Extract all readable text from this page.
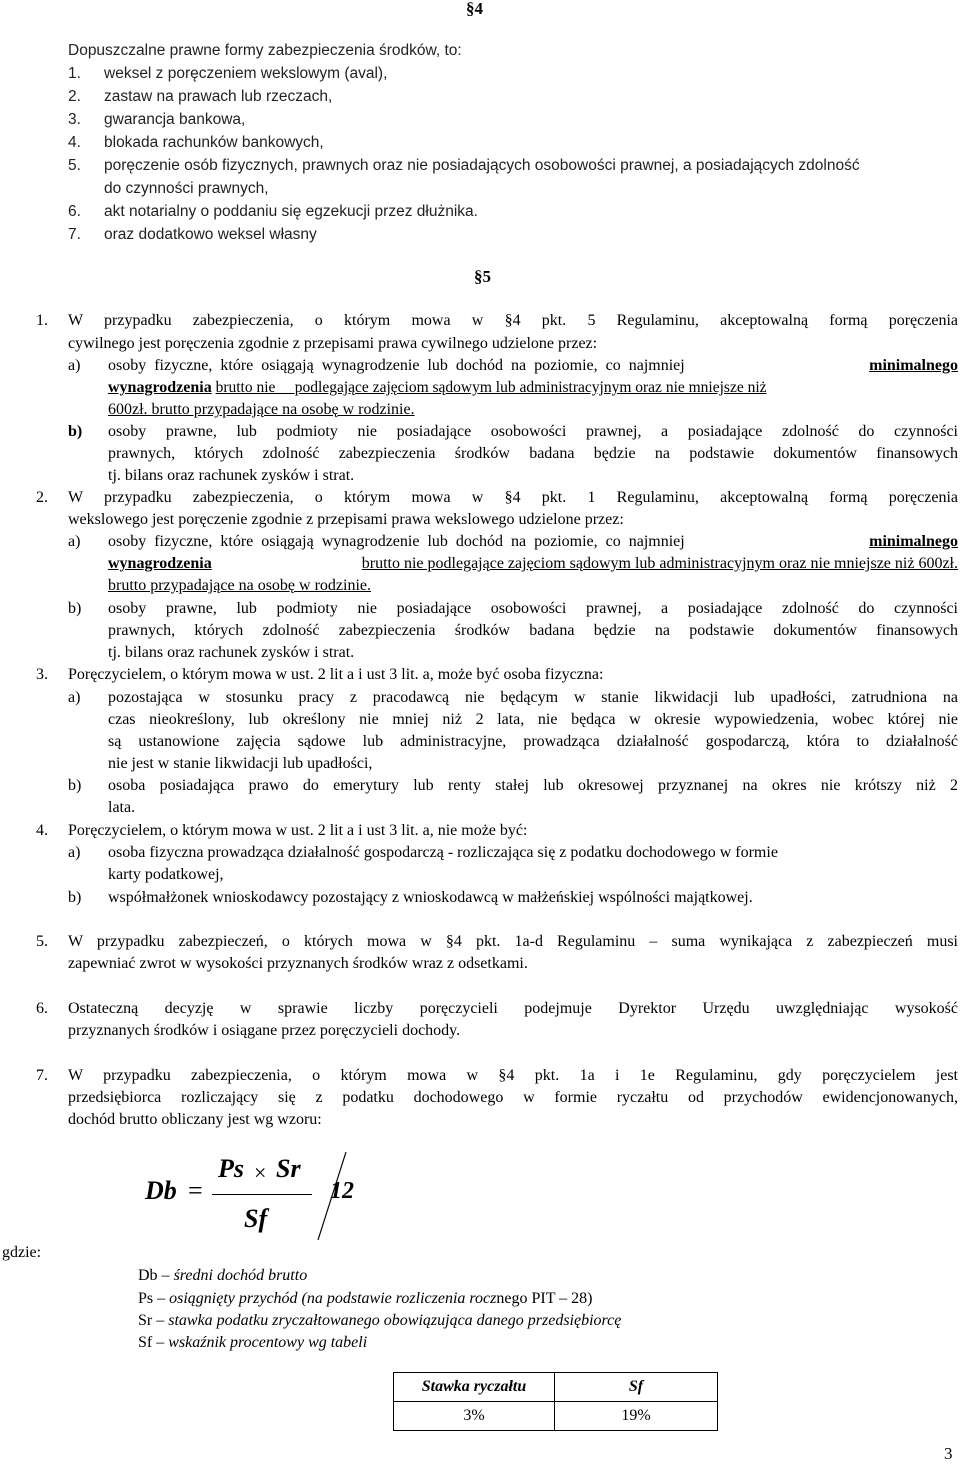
§4
Dopuszczalne prawne formy zabezpieczenia środków, to:
1. weksel z poręczeniem wekslowym (aval),
2. zastaw na prawach lub rzeczach,
3. gwarancja bankowa,
4. blokada rachunków bankowych,
5. poręczenie osób fizycznych, prawnych oraz nie posiadających osobowości prawnej, a posiadających zdolność
do czynności prawnych,
6. akt notarialny o poddaniu się egzekucji przez dłużnika.
7. oraz dodatkowo weksel własny
§5
1. W przypadku zabezpieczenia, o którym mowa w §4 pkt. 5 Regulaminu, akceptowalną formą poręczenia
cywilnego jest poręczenia zgodnie z przepisami prawa cywilnego udzielone przez:
a) osoby fizyczne, które osiągają wynagrodzenie lub dochód na poziomie, co najmniej	minimalnego
wynagrodzenia brutto nie     podlegające zajęciom sądowym lub administracyjnym oraz nie mniejsze niż
600zł. brutto przypadające na osobę w rodzinie.
b) osoby prawne, lub podmioty nie posiadające osobowości prawnej, a posiadające zdolność do czynności
prawnych, których zdolność zabezpieczenia środków badana będzie na podstawie dokumentów finansowych
tj. bilans oraz rachunek zysków i strat.
2. W przypadku zabezpieczenia, o którym mowa w §4 pkt. 1 Regulaminu, akceptowalną formą poręczenia
wekslowego jest poręczenie zgodnie z przepisami prawa wekslowego udzielone przez:
a) osoby fizyczne, które osiągają wynagrodzenie lub dochód na poziomie, co najmniej	minimalnego
wynagrodzenia	brutto nie podlegające zajęciom sądowym lub administracyjnym oraz nie mniejsze niż 600zł.
brutto przypadające na osobę w rodzinie.
b) osoby prawne, lub podmioty nie posiadające osobowości prawnej, a posiadające zdolność do czynności
prawnych, których zdolność zabezpieczenia środków badana będzie na podstawie dokumentów finansowych
tj. bilans oraz rachunek zysków i strat.
3. Poręczycielem, o którym mowa w ust. 2 lit a i ust 3 lit. a, może być osoba fizyczna:
a) pozostająca w stosunku pracy z pracodawcą nie będącym w stanie likwidacji lub upadłości, zatrudniona na
czas nieokreślony, lub określony nie mniej niż 2 lata, nie będąca w okresie wypowiedzenia, wobec której nie
są ustanowione zajęcia sądowe lub administracyjne, prowadząca działalność gospodarczą, która to działalność
nie jest w stanie likwidacji lub upadłości,
b) osoba posiadająca prawo do emerytury lub renty stałej lub okresowej przyznanej na okres nie krótszy niż 2
lata.
4. Poręczycielem, o którym mowa w ust. 2 lit a i ust 3 lit. a, nie może być:
a) osoba fizyczna prowadząca działalność gospodarczą - rozliczająca się z podatku dochodowego w formie
karty podatkowej,
b) współmałżonek wnioskodawcy pozostający z wnioskodawcą w małżeńskiej wspólności majątkowej.
5. W przypadku zabezpieczeń, o których mowa w §4 pkt. 1a-d Regulaminu – suma wynikająca z zabezpieczeń musi
zapewniać zwrot w wysokości przyznanych środków wraz z odsetkami.
6. Ostateczną decyzję w sprawie liczby poręczycieli podejmuje Dyrektor Urzędu uwzględniając wysokość
przyznanych środków i osiągane przez poręczycieli dochody.
7. W przypadku zabezpieczenia, o którym mowa w §4 pkt. 1a i 1e Regulaminu, gdy poręczycielem jest
przedsiębiorca rozliczający się z podatku dochodowego w formie ryczałtu od przychodów ewidencjonowanych,
dochód brutto obliczany jest wg wzoru:
Db =
Ps × Sr
Sf
12
gdzie:
Db – średni dochód brutto
Ps – osiągnięty przychód (na podstawie rozliczenia rocznego PIT – 28)
Sr – stawka podatku zryczałtowanego obowiązująca danego przedsiębiorcę
Sf – wskaźnik procentowy wg tabeli
Stawka ryczałtu	Sf
3%	19%
3
